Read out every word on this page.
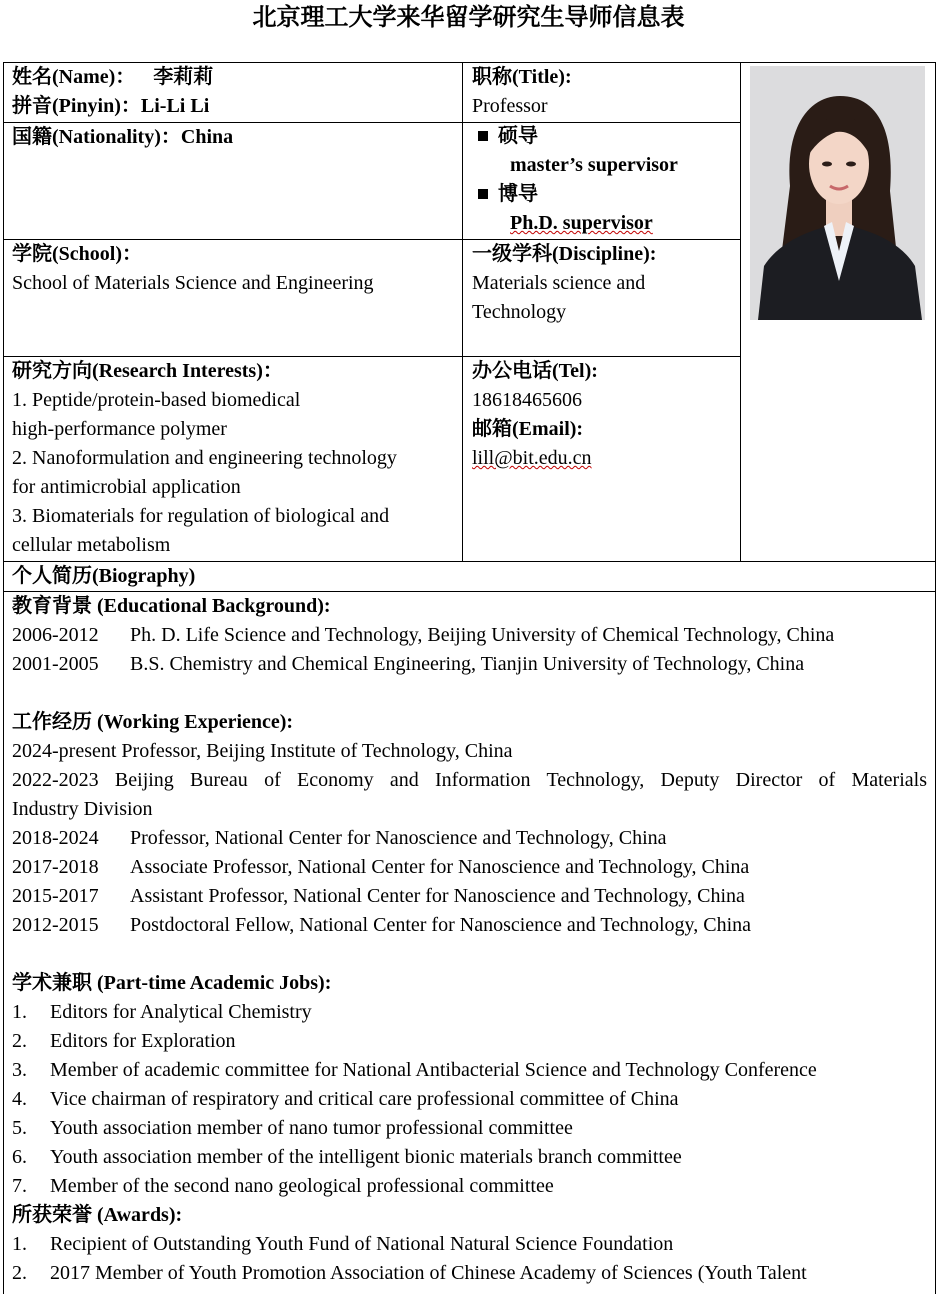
北京理工大学来华留学研究生导师信息表
姓名(Name)： 李莉莉
拼音(Pinyin)：Li-Li Li
职称(Title):
Professor
国籍(Nationality)：China	硕导
master’s supervisor
博导
Ph.D. supervisor
学院(School)：
School of Materials Science and Engineering
一级学科(Discipline):
Materials science and
Technology
研究方向(Research Interests)：
1. Peptide/protein-based biomedical
high-performance polymer
2. Nanoformulation and engineering technology
for antimicrobial application
3. Biomaterials for regulation of biological and
cellular metabolism
办公电话(Tel):
18618465606
邮箱(Email):
lill@bit.edu.cn
个人简历(Biography)
教育背景 (Educational Background):
2006-2012 Ph. D. Life Science and Technology, Beijing University of Chemical Technology, China
2001-2005 B.S. Chemistry and Chemical Engineering, Tianjin University of Technology, China
工作经历 (Working Experience):
2024-present Professor, Beijing Institute of Technology, China
2022-2023 Beijing Bureau of Economy and Information Technology, Deputy Director of Materials
Industry Division
2018-2024 Professor, National Center for Nanoscience and Technology, China
2017-2018 Associate Professor, National Center for Nanoscience and Technology, China
2015-2017 Assistant Professor, National Center for Nanoscience and Technology, China
2012-2015 Postdoctoral Fellow, National Center for Nanoscience and Technology, China
学术兼职 (Part-time Academic Jobs):
1. Editors for Analytical Chemistry
2. Editors for Exploration
3. Member of academic committee for National Antibacterial Science and Technology Conference
4. Vice chairman of respiratory and critical care professional committee of China
5. Youth association member of nano tumor professional committee
6. Youth association member of the intelligent bionic materials branch committee
7. Member of the second nano geological professional committee
所获荣誉 (Awards):
1. Recipient of Outstanding Youth Fund of National Natural Science Foundation
2. 2017 Member of Youth Promotion Association of Chinese Academy of Sciences (Youth Talent
